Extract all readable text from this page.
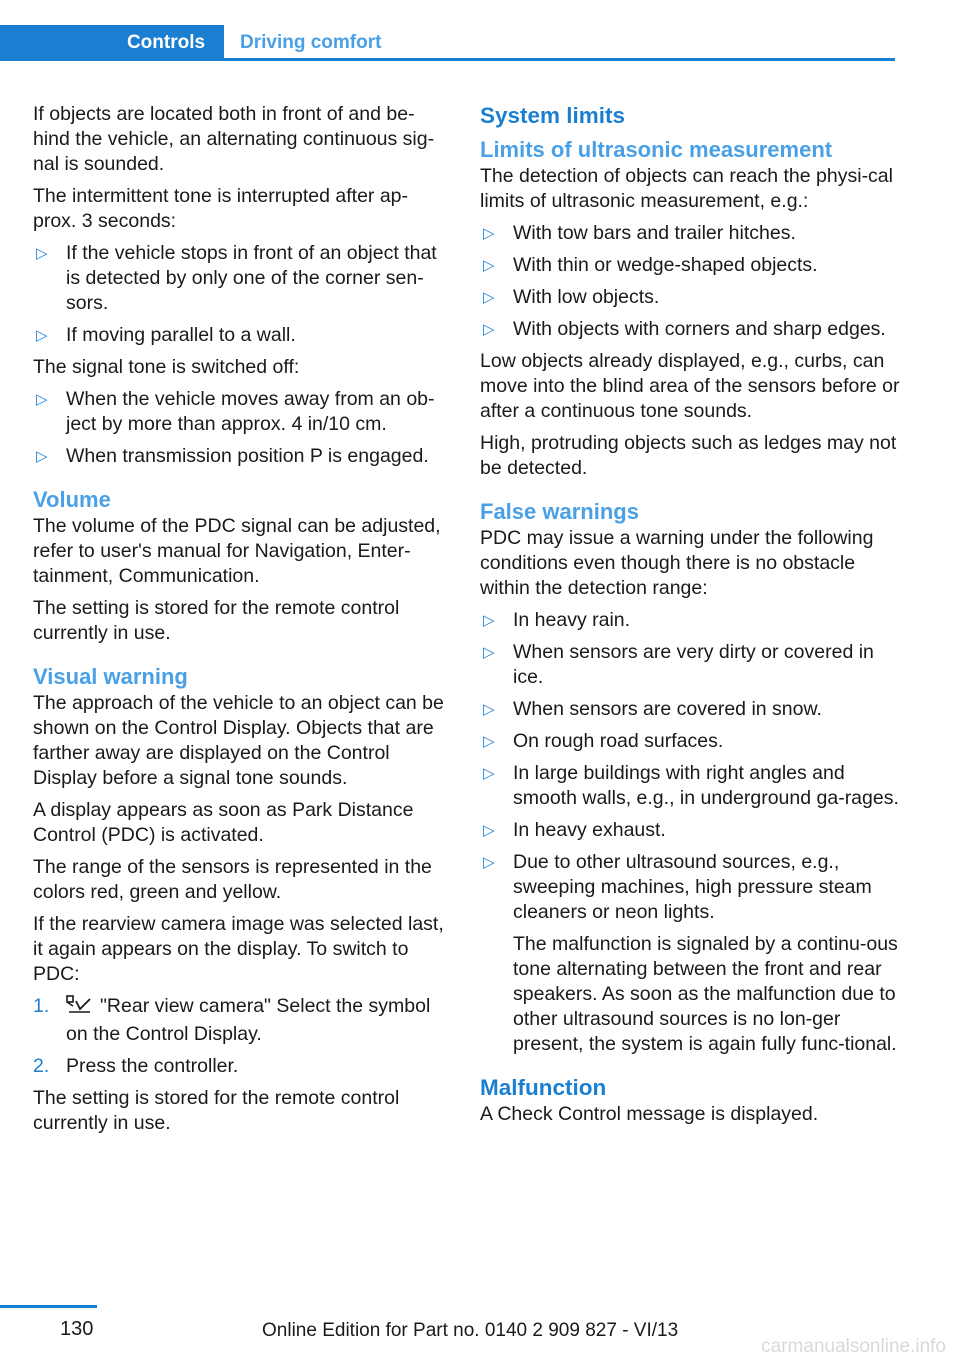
Controls Driving comfort

If objects are located both in front of and be-hind the vehicle, an alternating continuous sig-nal is sounded.

The intermittent tone is interrupted after ap-prox. 3 seconds:

▷ If the vehicle stops in front of an object that is detected by only one of the corner sen-sors.
▷ If moving parallel to a wall.

The signal tone is switched off:

▷ When the vehicle moves away from an ob-ject by more than approx. 4 in/10 cm.
▷ When transmission position P is engaged.
Volume

The volume of the PDC signal can be adjusted, refer to user's manual for Navigation, Enter-tainment, Communication.

The setting is stored for the remote control currently in use.

Visual warning

The approach of the vehicle to an object can be shown on the Control Display. Objects that are farther away are displayed on the Control Display before a signal tone sounds.

A display appears as soon as Park Distance Control (PDC) is activated.

The range of the sensors is represented in the colors red, green and yellow.

If the rearview camera image was selected last, it again appears on the display. To switch to PDC:

1.	"Rear view camera" Select the symbol on the Control Display.
2. Press the controller.

The setting is stored for the remote control currently in use.

System limits
Limits of ultrasonic measurement

The detection of objects can reach the physi-cal limits of ultrasonic measurement, e.g.:

▷ With tow bars and trailer hitches.
▷ With thin or wedge-shaped objects.
▷ With low objects.
▷ With objects with corners and sharp edges.

Low objects already displayed, e.g., curbs, can move into the blind area of the sensors before or after a continuous tone sounds.

High, protruding objects such as ledges may not be detected.

False warnings

PDC may issue a warning under the following conditions even though there is no obstacle within the detection range:

▷ In heavy rain.
▷ When sensors are very dirty or covered in ice.
▷ When sensors are covered in snow.
▷ On rough road surfaces.
▷ In large buildings with right angles and smooth walls, e.g., in underground ga-rages.
▷ In heavy exhaust.
▷ Due to other ultrasound sources, e.g., sweeping machines, high pressure steam cleaners or neon lights.
The malfunction is signaled by a continu-ous tone alternating between the front and rear speakers. As soon as the malfunction due to other ultrasound sources is no lon-ger present, the system is again fully func-tional.
Malfunction

A Check Control message is displayed.

130	Online Edition for Part no. 0140 2 909 827 - VI/13
carmanualsonline.info
